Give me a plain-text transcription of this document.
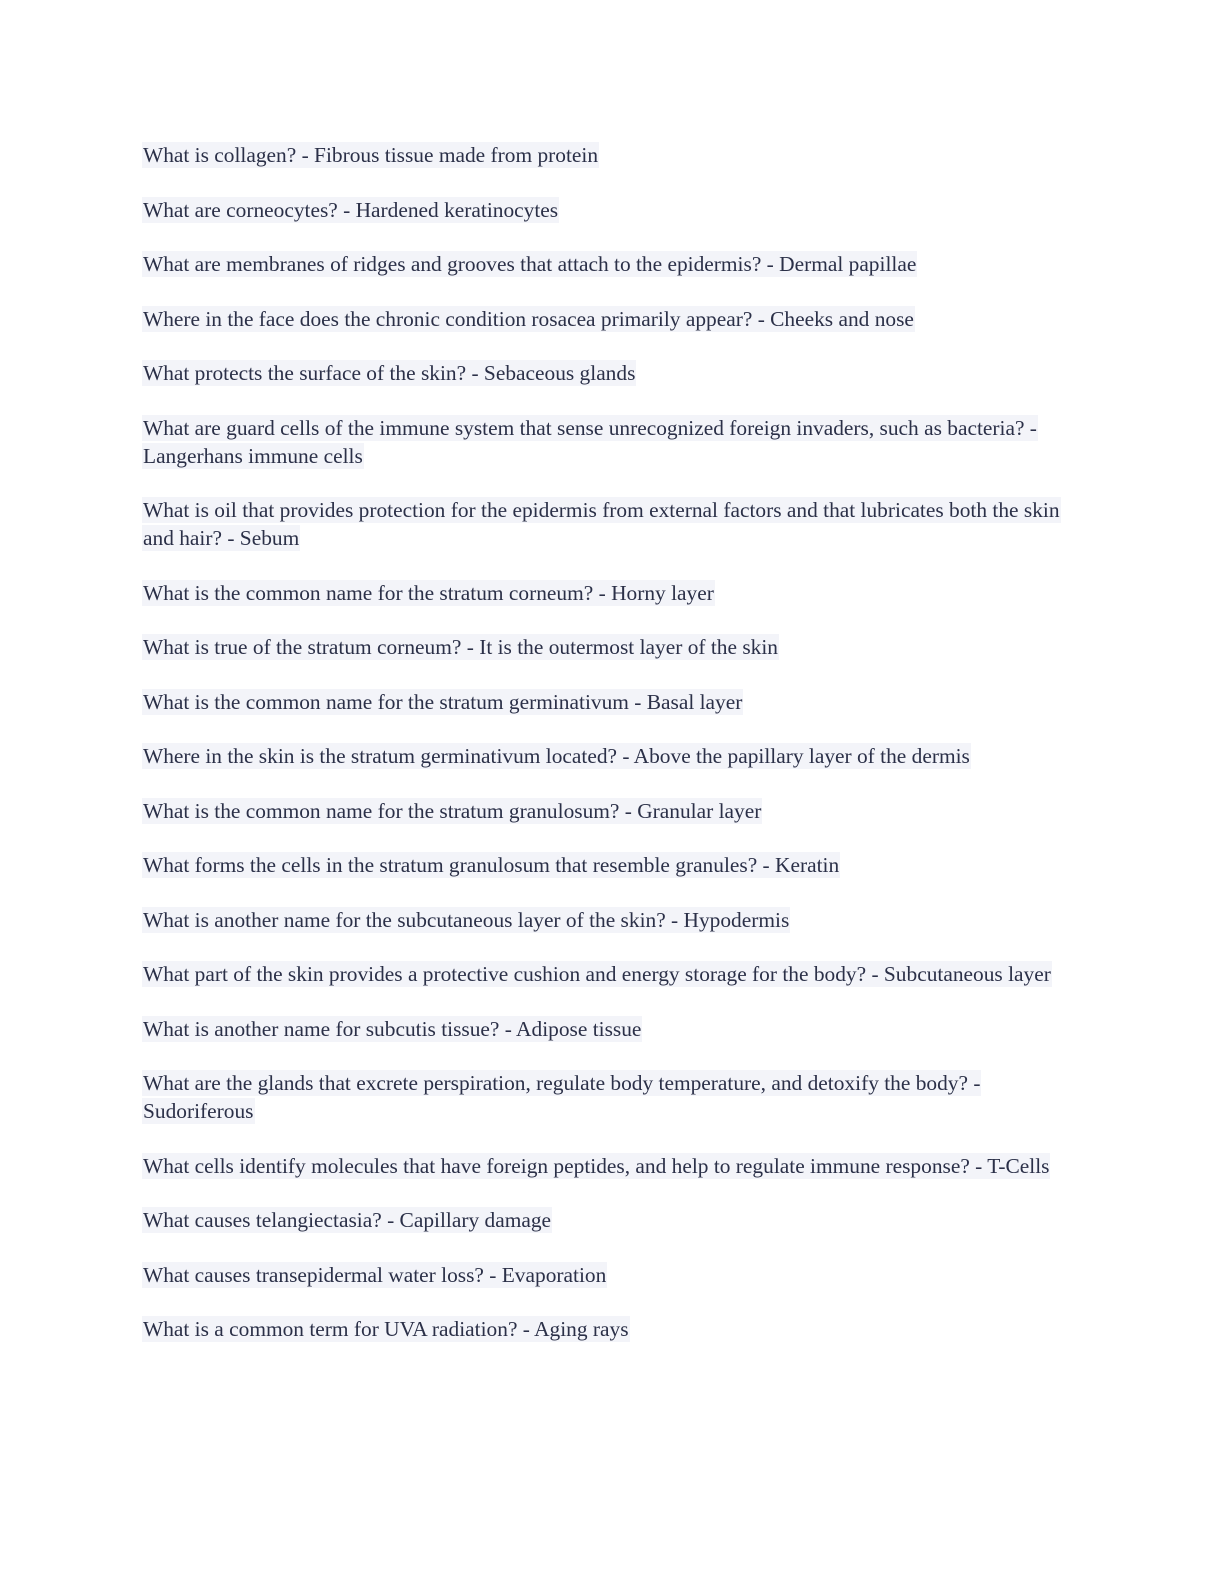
What is collagen? - Fibrous tissue made from protein
What are corneocytes? - Hardened keratinocytes
What are membranes of ridges and grooves that attach to the epidermis? - Dermal papillae
Where in the face does the chronic condition rosacea primarily appear? - Cheeks and nose
What protects the surface of the skin? - Sebaceous glands
What are guard cells of the immune system that sense unrecognized foreign invaders, such as bacteria? - Langerhans immune cells
What is oil that provides protection for the epidermis from external factors and that lubricates both the skin and hair? - Sebum
What is the common name for the stratum corneum? - Horny layer
What is true of the stratum corneum? - It is the outermost layer of the skin
What is the common name for the stratum germinativum - Basal layer
Where in the skin is the stratum germinativum located? - Above the papillary layer of the dermis
What is the common name for the stratum granulosum? - Granular layer
What forms the cells in the stratum granulosum that resemble granules? - Keratin
What is another name for the subcutaneous layer of the skin? - Hypodermis
What part of the skin provides a protective cushion and energy storage for the body? - Subcutaneous layer
What is another name for subcutis tissue? - Adipose tissue
What are the glands that excrete perspiration, regulate body temperature, and detoxify the body? - Sudoriferous
What cells identify molecules that have foreign peptides, and help to regulate immune response? - T-Cells
What causes telangiectasia? - Capillary damage
What causes transepidermal water loss? - Evaporation
What is a common term for UVA radiation? - Aging rays
